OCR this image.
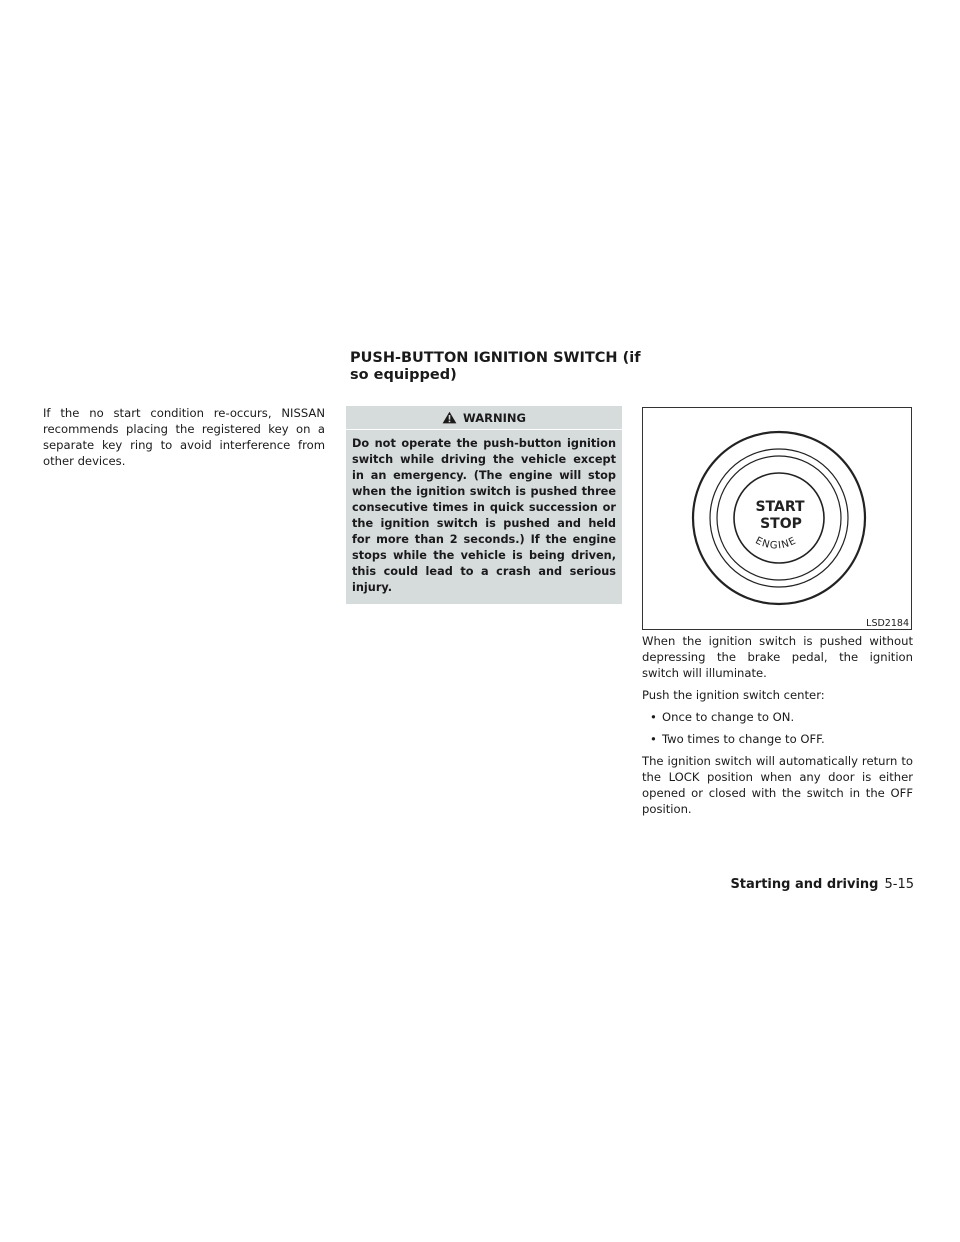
PUSH-BUTTON IGNITION SWITCH (if so equipped)

If the no start condition re-occurs, NISSAN recommends placing the registered key on a separate key ring to avoid interference from other devices.

WARNING

Do not operate the push-button ignition switch while driving the vehicle except in an emergency. (The engine will stop when the ignition switch is pushed three consecutive times in quick succession or the ignition switch is pushed and held for more than 2 seconds.) If the engine stops while the vehicle is being driven, this could lead to a crash and serious injury.

START
STOP
ENGINE
LSD2184

When the ignition switch is pushed without depressing the brake pedal, the ignition switch will illuminate.

Push the ignition switch center:

• Once to change to ON.
• Two times to change to OFF.

The ignition switch will automatically return to the LOCK position when any door is either opened or closed with the switch in the OFF position.

Starting and driving 5-15
